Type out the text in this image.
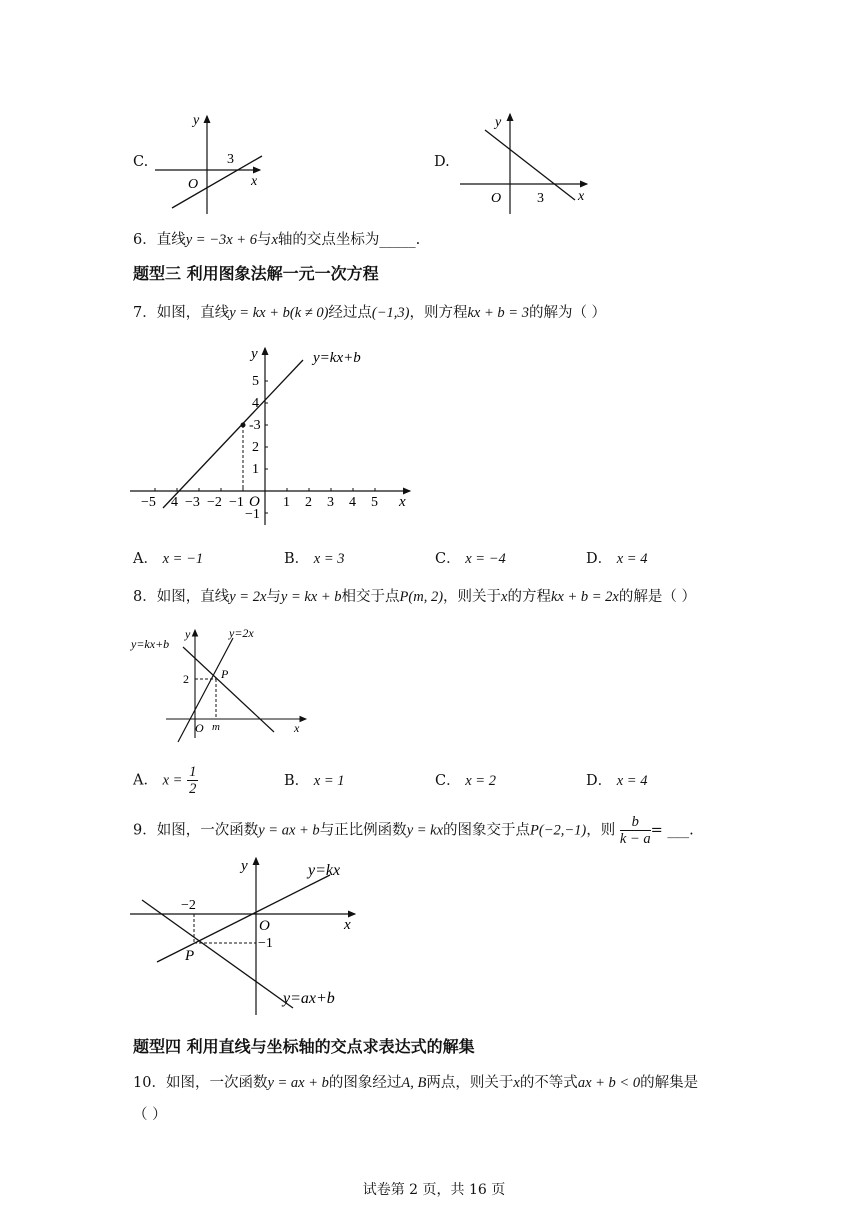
C.	3
x
y
O
D.
3 x
y
O
6．直线y = −3x + 6与x轴的交点坐标为_____.
题型三 利用图象法解一元一次方程
7．如图，直线y = kx + b(k ≠ 0)经过点(−1,3)，则方程kx + b = 3的解为（ ）
y=kx+b
x
y
O
−5 4 −3 −2 −1	1 2 3 4 5
5
4
-3
2
1
−1
A． x = −1	B． x = 3	C． x = −4	D． x = 4
8．如图，直线y = 2x与y = kx + b相交于点P(m, 2)，则关于x的方程kx + b = 2x的解是（ ）
y=kx+b
y=2x
x
y
O m
P
2
A． $x = \frac{1}{2}$	B． x = 1	C． x = 2	D． x = 4
9．如图，一次函数y = ax + b与正比例函数y = kx的图象交于点P(−2,−1)，则 $\frac{b}{k - a}$ = ___.
y=kx
y=ax+b
x
y
O
P
−2
−1
题型四 利用直线与坐标轴的交点求表达式的解集
10．如图，一次函数y = ax + b的图象经过A, B两点，则关于x的不等式ax + b < 0的解集是
（ ）
试卷第 2 页，共 16 页
